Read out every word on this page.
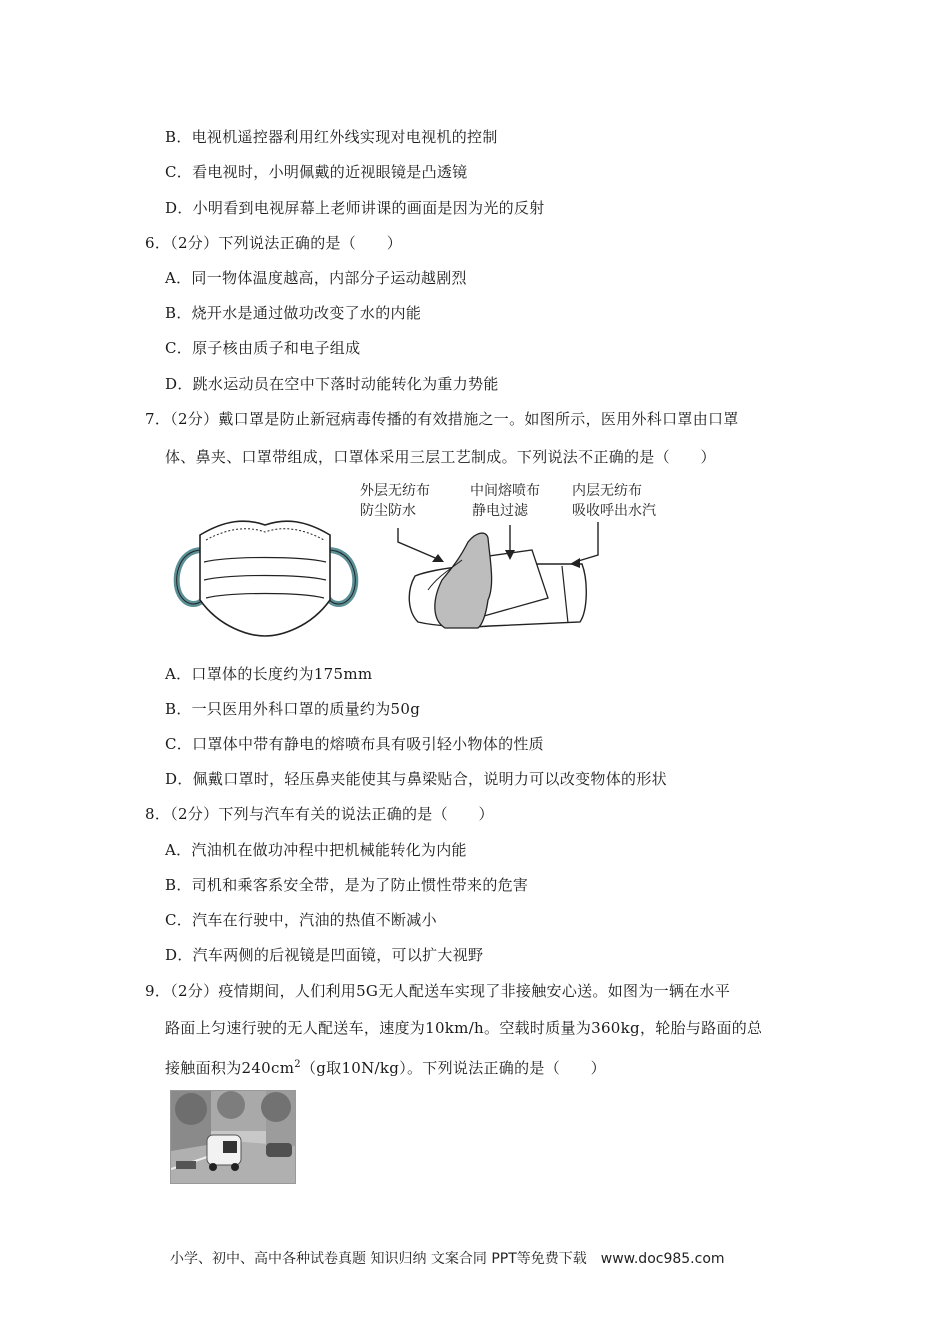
B．电视机遥控器利用红外线实现对电视机的控制
C．看电视时，小明佩戴的近视眼镜是凸透镜
D．小明看到电视屏幕上老师讲课的画面是因为光的反射
6．（2分）下列说法正确的是（　　）
A．同一物体温度越高，内部分子运动越剧烈
B．烧开水是通过做功改变了水的内能
C．原子核由质子和电子组成
D．跳水运动员在空中下落时动能转化为重力势能
7．（2分）戴口罩是防止新冠病毒传播的有效措施之一。如图所示，医用外科口罩由口罩
体、鼻夹、口罩带组成，口罩体采用三层工艺制成。下列说法不正确的是（　　）
外层无纺布
防尘防水
中间熔喷布
静电过滤
内层无纺布
吸收呼出水汽
A．口罩体的长度约为175mm
B．一只医用外科口罩的质量约为50g
C．口罩体中带有静电的熔喷布具有吸引轻小物体的性质
D．佩戴口罩时，轻压鼻夹能使其与鼻梁贴合，说明力可以改变物体的形状
8．（2分）下列与汽车有关的说法正确的是（　　）
A．汽油机在做功冲程中把机械能转化为内能
B．司机和乘客系安全带，是为了防止惯性带来的危害
C．汽车在行驶中，汽油的热值不断减小
D．汽车两侧的后视镜是凹面镜，可以扩大视野
9．（2分）疫情期间，人们利用5G无人配送车实现了非接触安心送。如图为一辆在水平
路面上匀速行驶的无人配送车，速度为10km/h。空载时质量为360kg，轮胎与路面的总
接触面积为$240cm^2(g$取10N/kg）。下列说法正确的是（　　）
小学、初中、高中各种试卷真题 知识归纳 文案合同 PPT等免费下载　www.doc985.com
